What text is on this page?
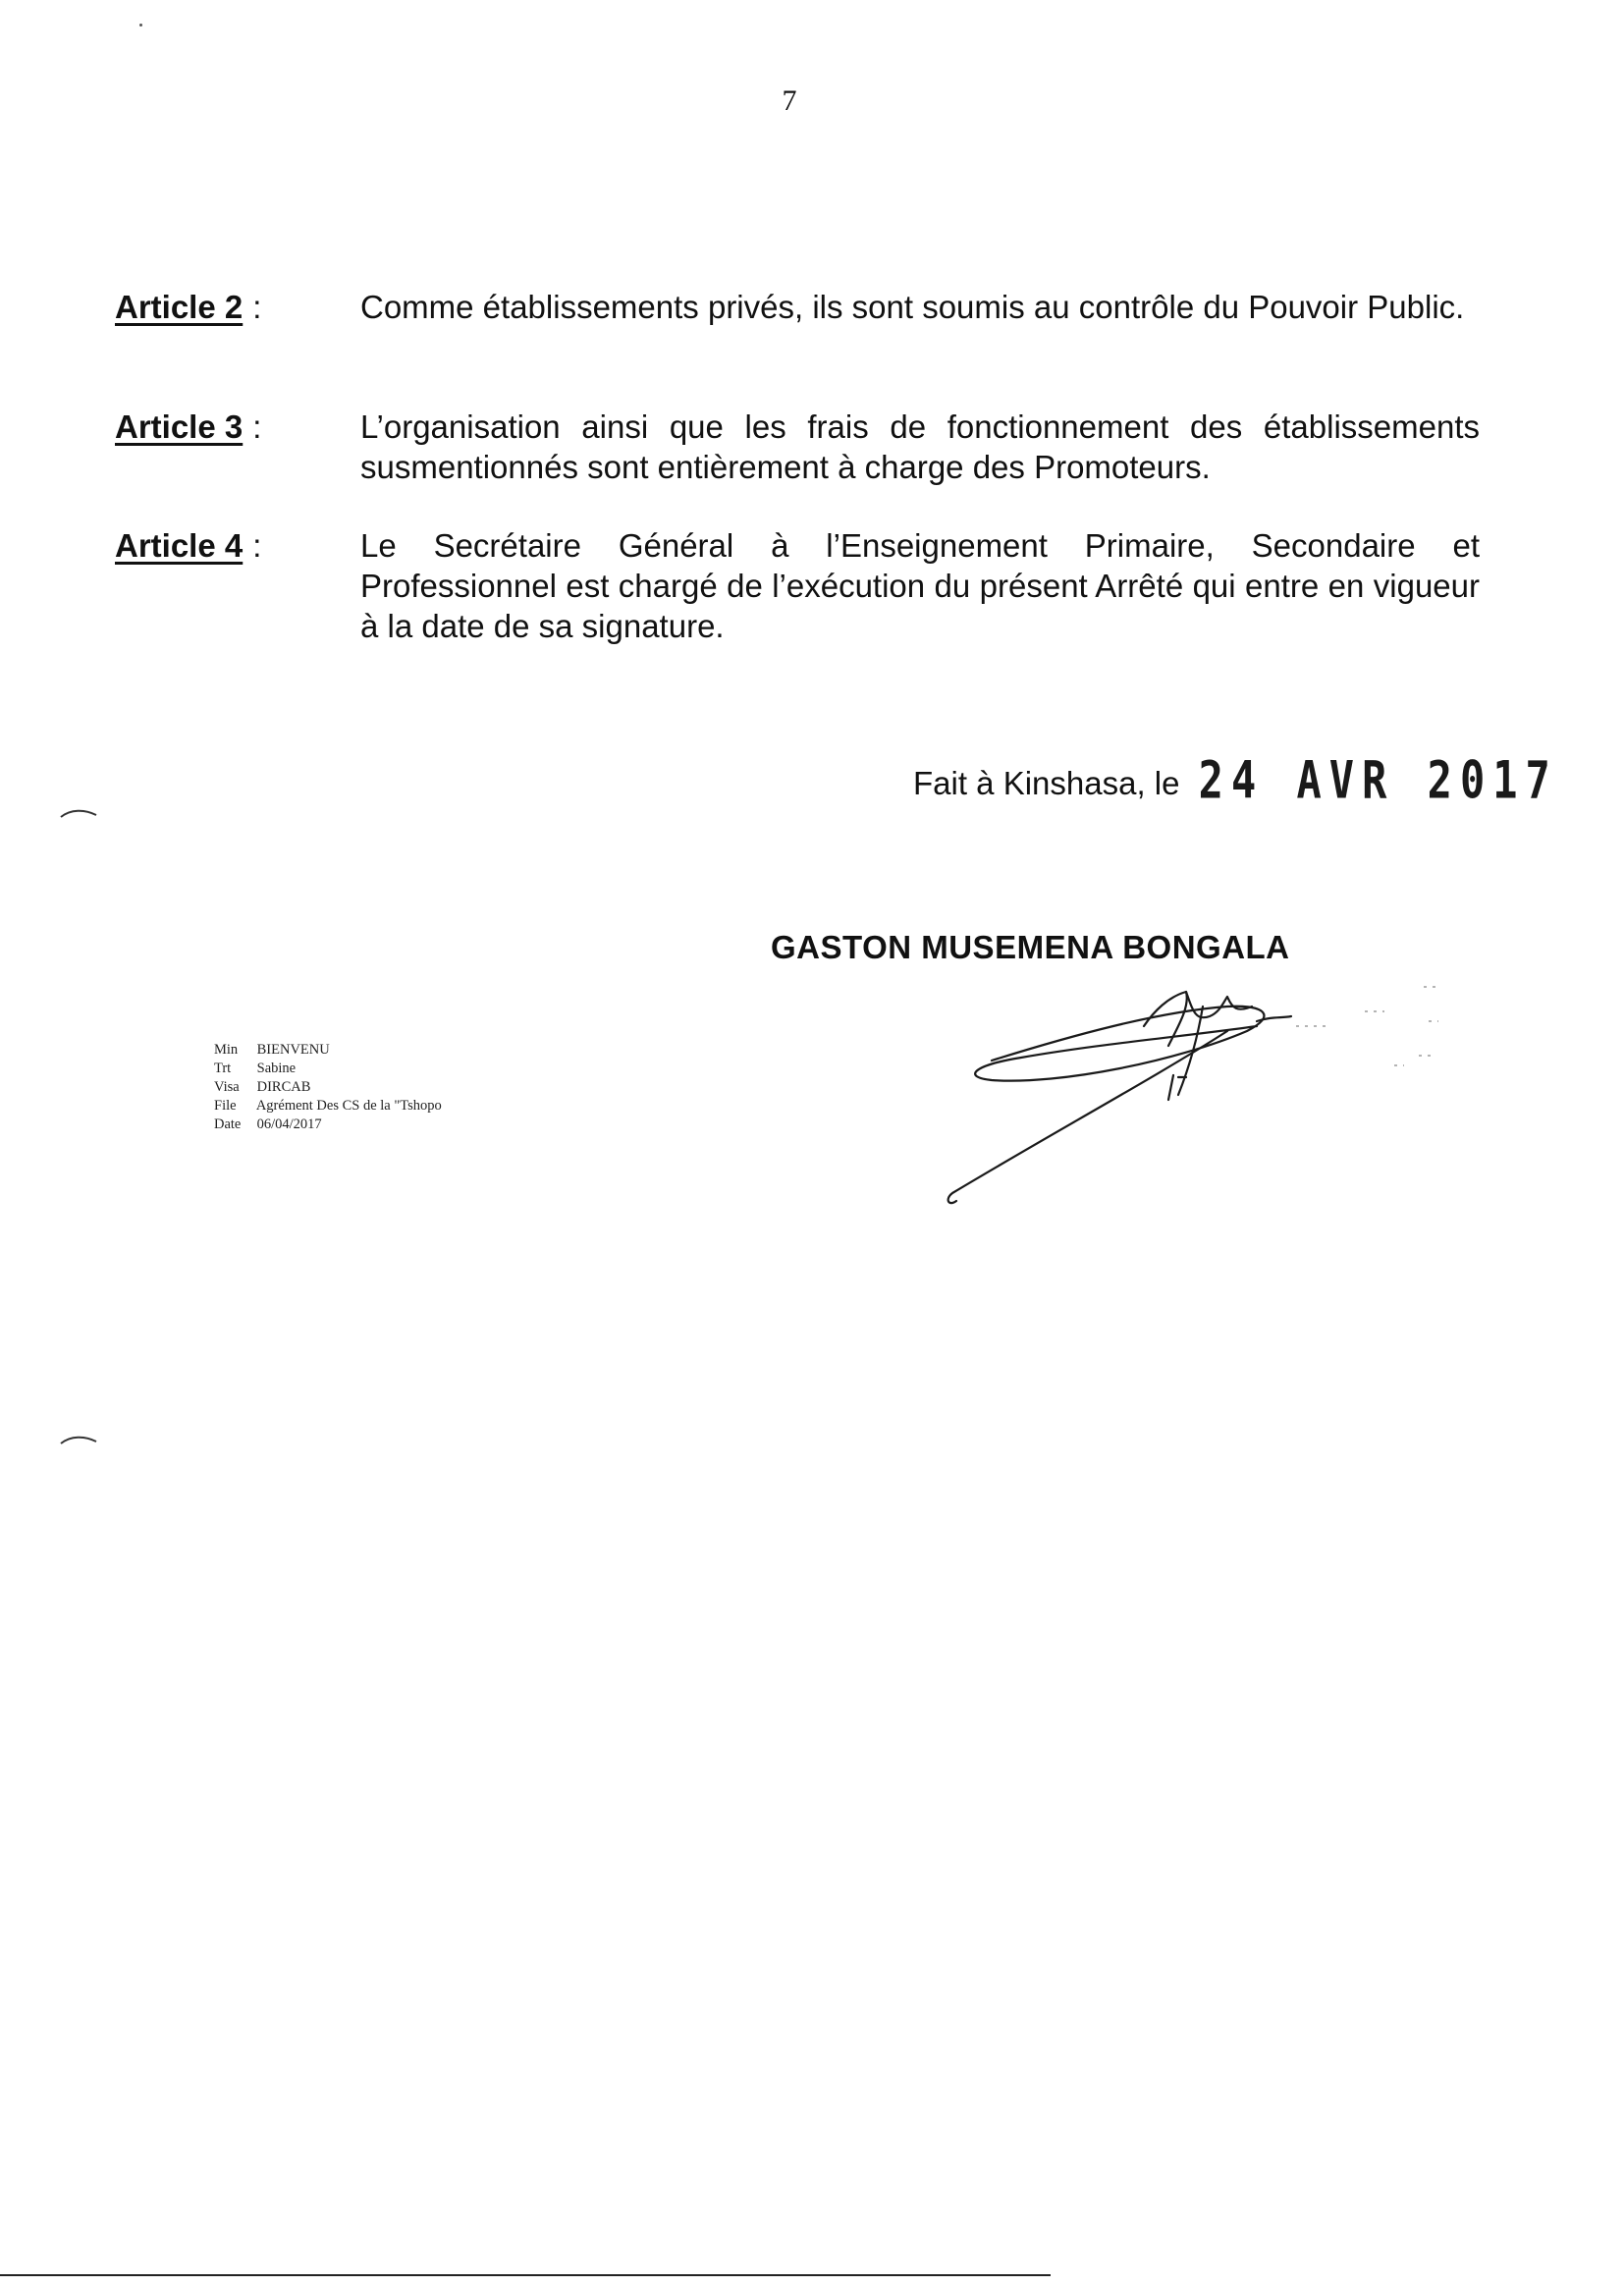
7
Article 2 :	Comme établissements privés, ils sont soumis au contrôle du Pouvoir Public.
Article 3 :	L’organisation ainsi que les frais de fonctionnement des établissements susmentionnés sont entièrement à charge des Promoteurs.
Article 4 :	Le Secrétaire Général à l’Enseignement Primaire, Secondaire et Professionnel est chargé de l’exécution du présent Arrêté qui entre en vigueur à la date de sa signature.
Fait à Kinshasa, le 24 AVR 2017
GASTON MUSEMENA BONGALA
Min BIENVENU
Trt Sabine
Visa DIRCAB
File Agrément Des CS de la "Tshopo
Date 06/04/2017
